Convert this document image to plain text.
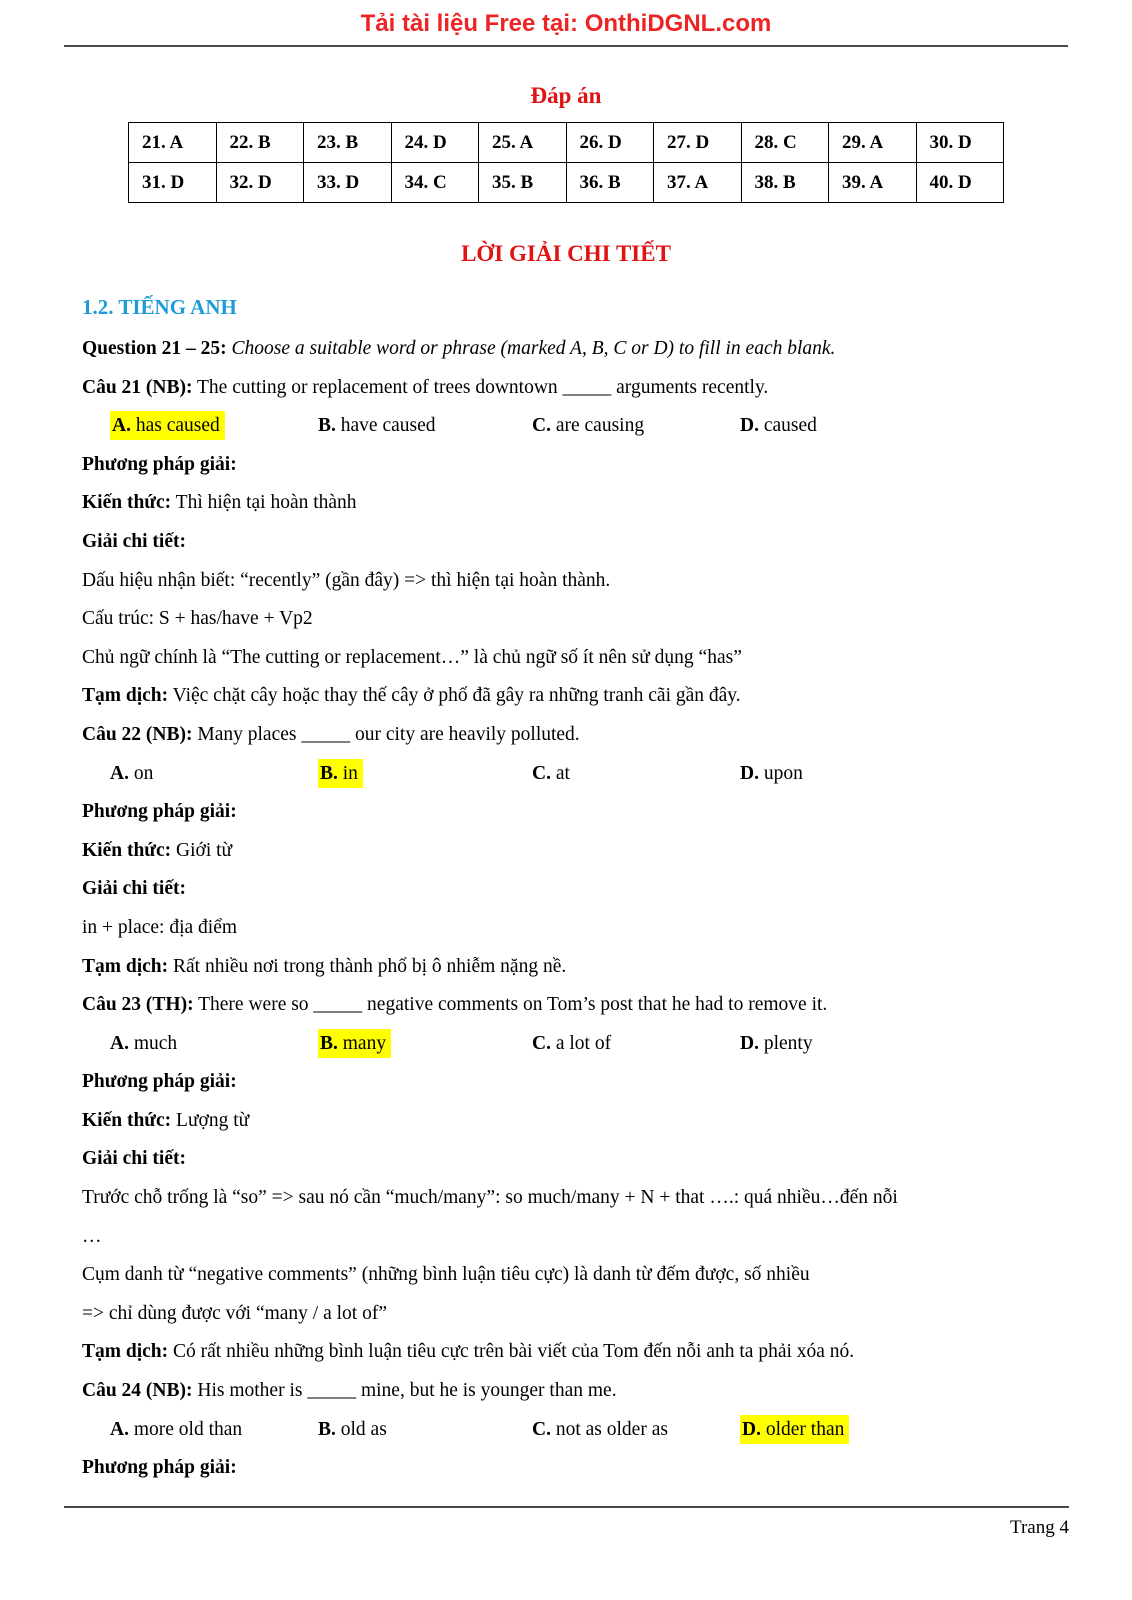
Tải tài liệu Free tại: OnthiDGNL.com
Đáp án
21. A	22. B	23. B	24. D	25. A	26. D	27. D	28. C	29. A	30. D
31. D	32. D	33. D	34. C	35. B	36. B	37. A	38. B	39. A	40. D
LỜI GIẢI CHI TIẾT
1.2. TIẾNG ANH
Question 21 – 25: Choose a suitable word or phrase (marked A, B, C or D) to fill in each blank.
Câu 21 (NB): The cutting or replacement of trees downtown _____ arguments recently.
A. has caused	B. have caused	C. are causing	D. caused
Phương pháp giải:
Kiến thức: Thì hiện tại hoàn thành
Giải chi tiết:
Dấu hiệu nhận biết: “recently” (gần đây) => thì hiện tại hoàn thành.
Cấu trúc: S + has/have + Vp2
Chủ ngữ chính là “The cutting or replacement…” là chủ ngữ số ít nên sử dụng “has”
Tạm dịch: Việc chặt cây hoặc thay thế cây ở phố đã gây ra những tranh cãi gần đây.
Câu 22 (NB): Many places _____ our city are heavily polluted.
A. on	B. in	C. at	D. upon
Phương pháp giải:
Kiến thức: Giới từ
Giải chi tiết:
in + place: địa điểm
Tạm dịch: Rất nhiều nơi trong thành phố bị ô nhiễm nặng nề.
Câu 23 (TH): There were so _____ negative comments on Tom’s post that he had to remove it.
A. much	B. many	C. a lot of	D. plenty
Phương pháp giải:
Kiến thức: Lượng từ
Giải chi tiết:
Trước chỗ trống là “so” => sau nó cần “much/many”: so much/many + N + that ….: quá nhiều…đến nỗi
…
Cụm danh từ “negative comments” (những bình luận tiêu cực) là danh từ đếm được, số nhiều
=> chỉ dùng được với “many / a lot of”
Tạm dịch: Có rất nhiều những bình luận tiêu cực trên bài viết của Tom đến nỗi anh ta phải xóa nó.
Câu 24 (NB): His mother is _____ mine, but he is younger than me.
A. more old than	B. old as	C. not as older as	D. older than
Phương pháp giải:
Trang 4
